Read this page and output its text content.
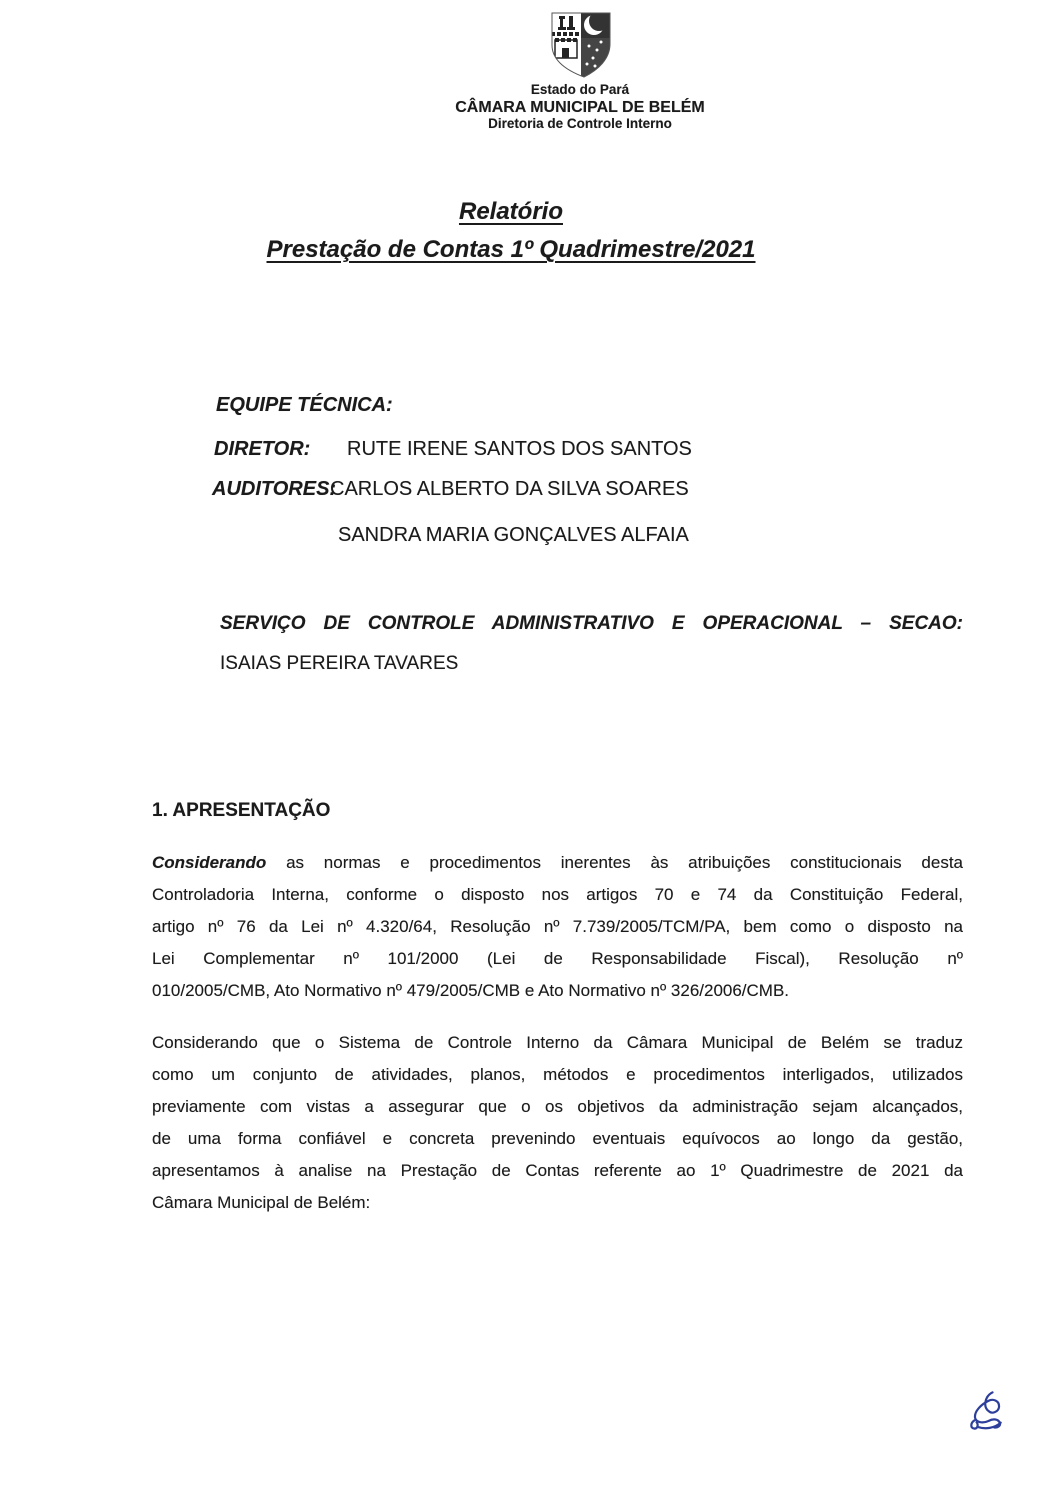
Estado do Pará
CÂMARA MUNICIPAL DE BELÉM
Diretoria de Controle Interno
Relatório
Prestação de Contas 1º Quadrimestre/2021
EQUIPE TÉCNICA:
DIRETOR: RUTE IRENE SANTOS DOS SANTOS
AUDITORES:
CARLOS ALBERTO DA SILVA SOARES
SANDRA MARIA GONÇALVES ALFAIA
SERVIÇO DE CONTROLE ADMINISTRATIVO E OPERACIONAL – SECAO:
ISAIAS PEREIRA TAVARES
1. APRESENTAÇÃO
Considerando as normas e procedimentos inerentes às atribuições constitucionais desta
Controladoria Interna, conforme o disposto nos artigos 70 e 74 da Constituição Federal,
artigo nº 76 da Lei nº 4.320/64, Resolução nº 7.739/2005/TCM/PA, bem como o disposto na
Lei Complementar nº 101/2000 (Lei de Responsabilidade Fiscal), Resolução nº
010/2005/CMB, Ato Normativo nº 479/2005/CMB e Ato Normativo nº 326/2006/CMB.
Considerando que o Sistema de Controle Interno da Câmara Municipal de Belém se traduz
como um conjunto de atividades, planos, métodos e procedimentos interligados, utilizados
previamente com vistas a assegurar que o os objetivos da administração sejam alcançados,
de uma forma confiável e concreta prevenindo eventuais equívocos ao longo da gestão,
apresentamos à analise na Prestação de Contas referente ao 1º Quadrimestre de 2021 da
Câmara Municipal de Belém:
